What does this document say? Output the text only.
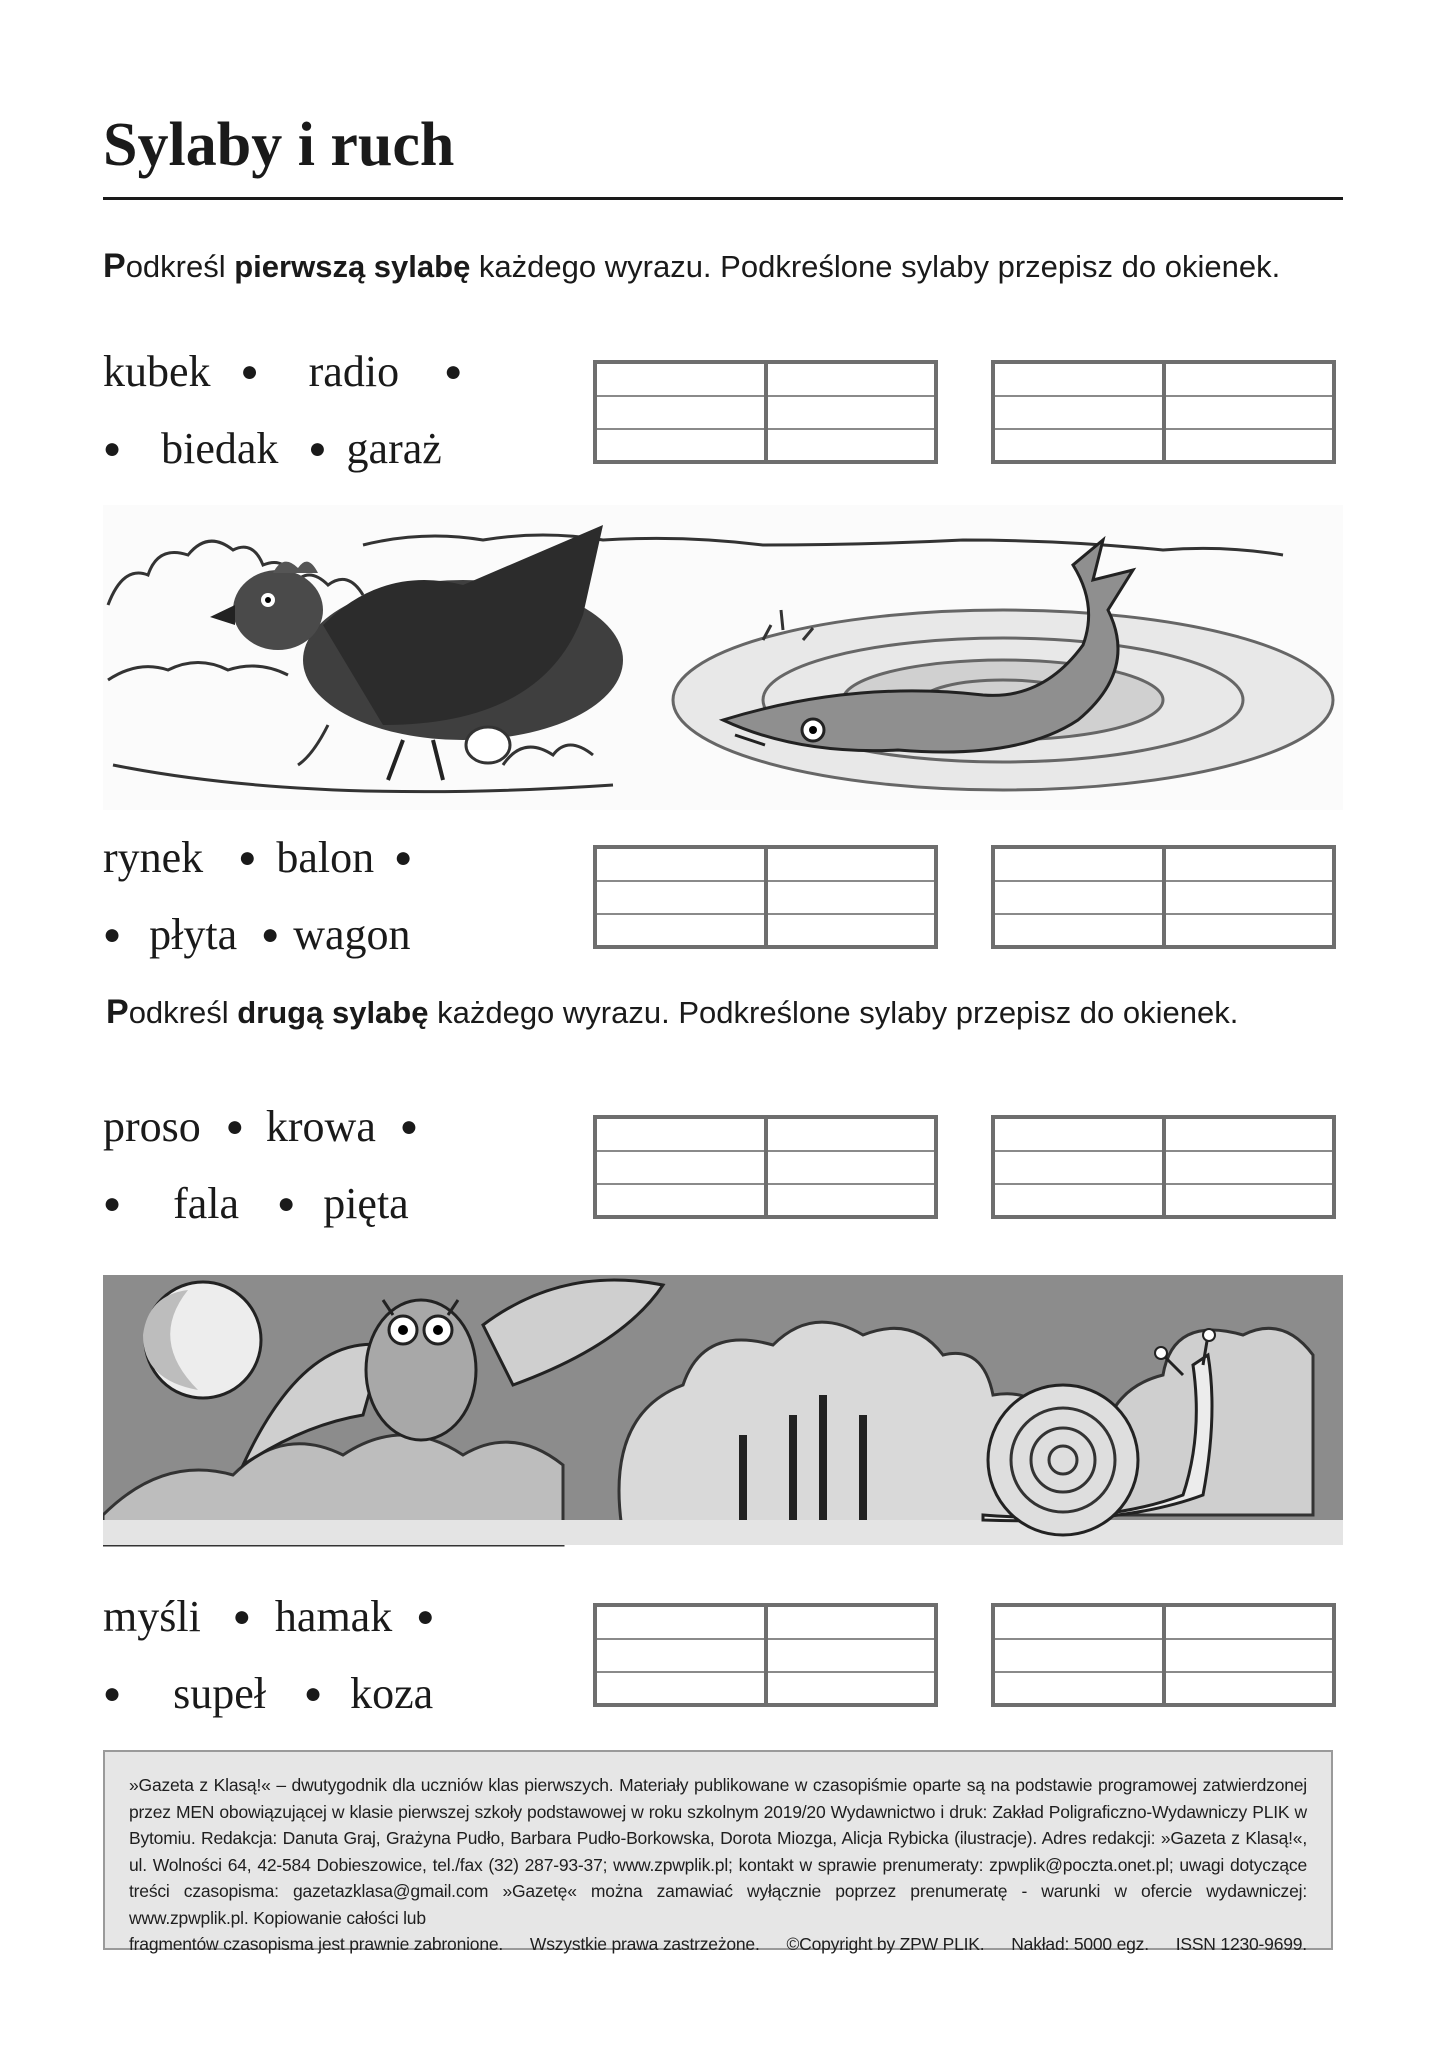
Sylaby i ruch
Podkreśl pierwszą sylabę każdego wyrazu. Podkreślone sylaby przepisz do okienek.
kubek ● radio ●
● biedak ● garaż
rynek ● balon ●
● płyta ● wagon
Podkreśl drugą sylabę każdego wyrazu. Podkreślone sylaby przepisz do okienek.
proso ● krowa ●
● fala ● pięta
myśli ● hamak ●
● supeł ● koza
»Gazeta z Klasą!« – dwutygodnik dla uczniów klas pierwszych. Materiały publikowane w czasopiśmie oparte są na podstawie programowej zatwierdzonej przez MEN obowiązującej w klasie pierwszej szkoły podstawowej w roku szkolnym 2019/20 Wydawnictwo i druk: Zakład Poligraficzno-Wydawniczy PLIK w Bytomiu. Redakcja: Danuta Graj, Grażyna Pudło, Barbara Pudło-Borkowska, Dorota Miozga, Alicja Rybicka (ilustracje). Adres redakcji: »Gazeta z Klasą!«, ul. Wolności 64, 42-584 Dobieszowice, tel./fax (32) 287-93-37; www.zpwplik.pl; kontakt w sprawie prenumeraty: zpwplik@poczta.onet.pl; uwagi dotyczące treści czasopisma: gazetazklasa@gmail.com »Gazetę« można zamawiać wyłącznie poprzez prenumeratę - warunki w ofercie wydawniczej: www.zpwplik.pl. Kopiowanie całości lub
fragmentów czasopisma jest prawnie zabronione. Wszystkie prawa zastrzeżone. ©Copyright by ZPW PLIK. Nakład: 5000 egz. ISSN 1230-9699.
